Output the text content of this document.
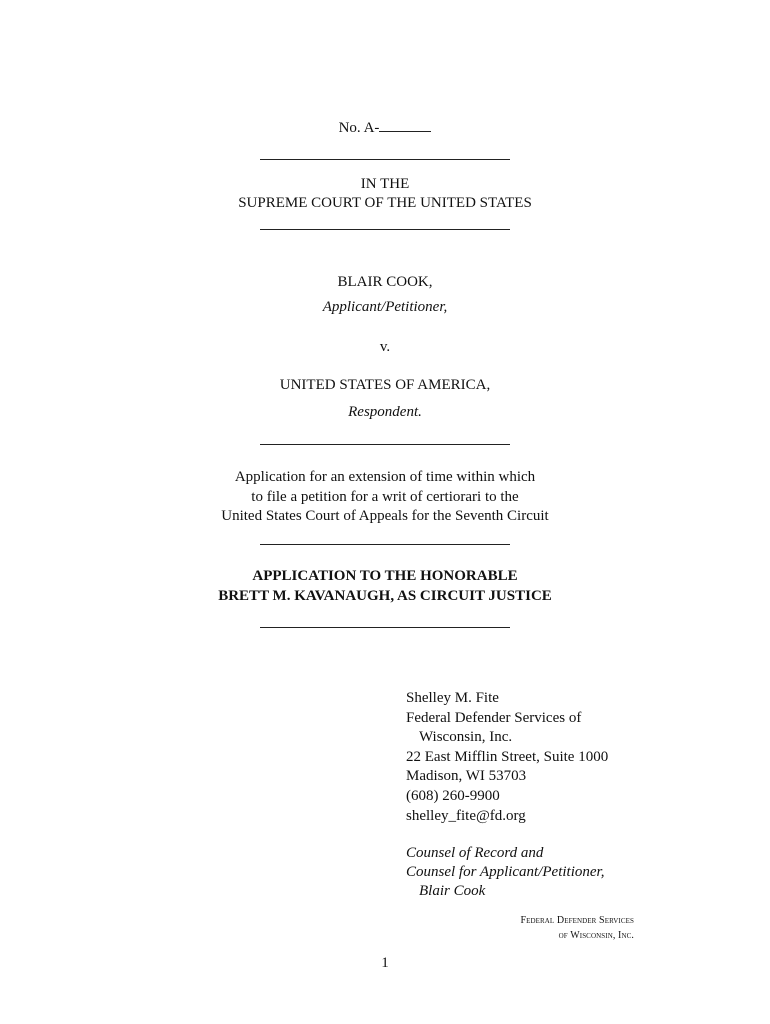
No. A-
IN THE
SUPREME COURT OF THE UNITED STATES
BLAIR COOK,
Applicant/Petitioner,
v.
UNITED STATES OF AMERICA,
Respondent.
Application for an extension of time within which
to file a petition for a writ of certiorari to the
United States Court of Appeals for the Seventh Circuit
APPLICATION TO THE HONORABLE
BRETT M. KAVANAUGH, AS CIRCUIT JUSTICE
Shelley M. Fite
Federal Defender Services of
Wisconsin, Inc.
22 East Mifflin Street, Suite 1000
Madison, WI 53703
(608) 260-9900
shelley_fite@fd.org
Counsel of Record and
Counsel for Applicant/Petitioner,
Blair Cook
Federal Defender Services
of Wisconsin, Inc.
1
